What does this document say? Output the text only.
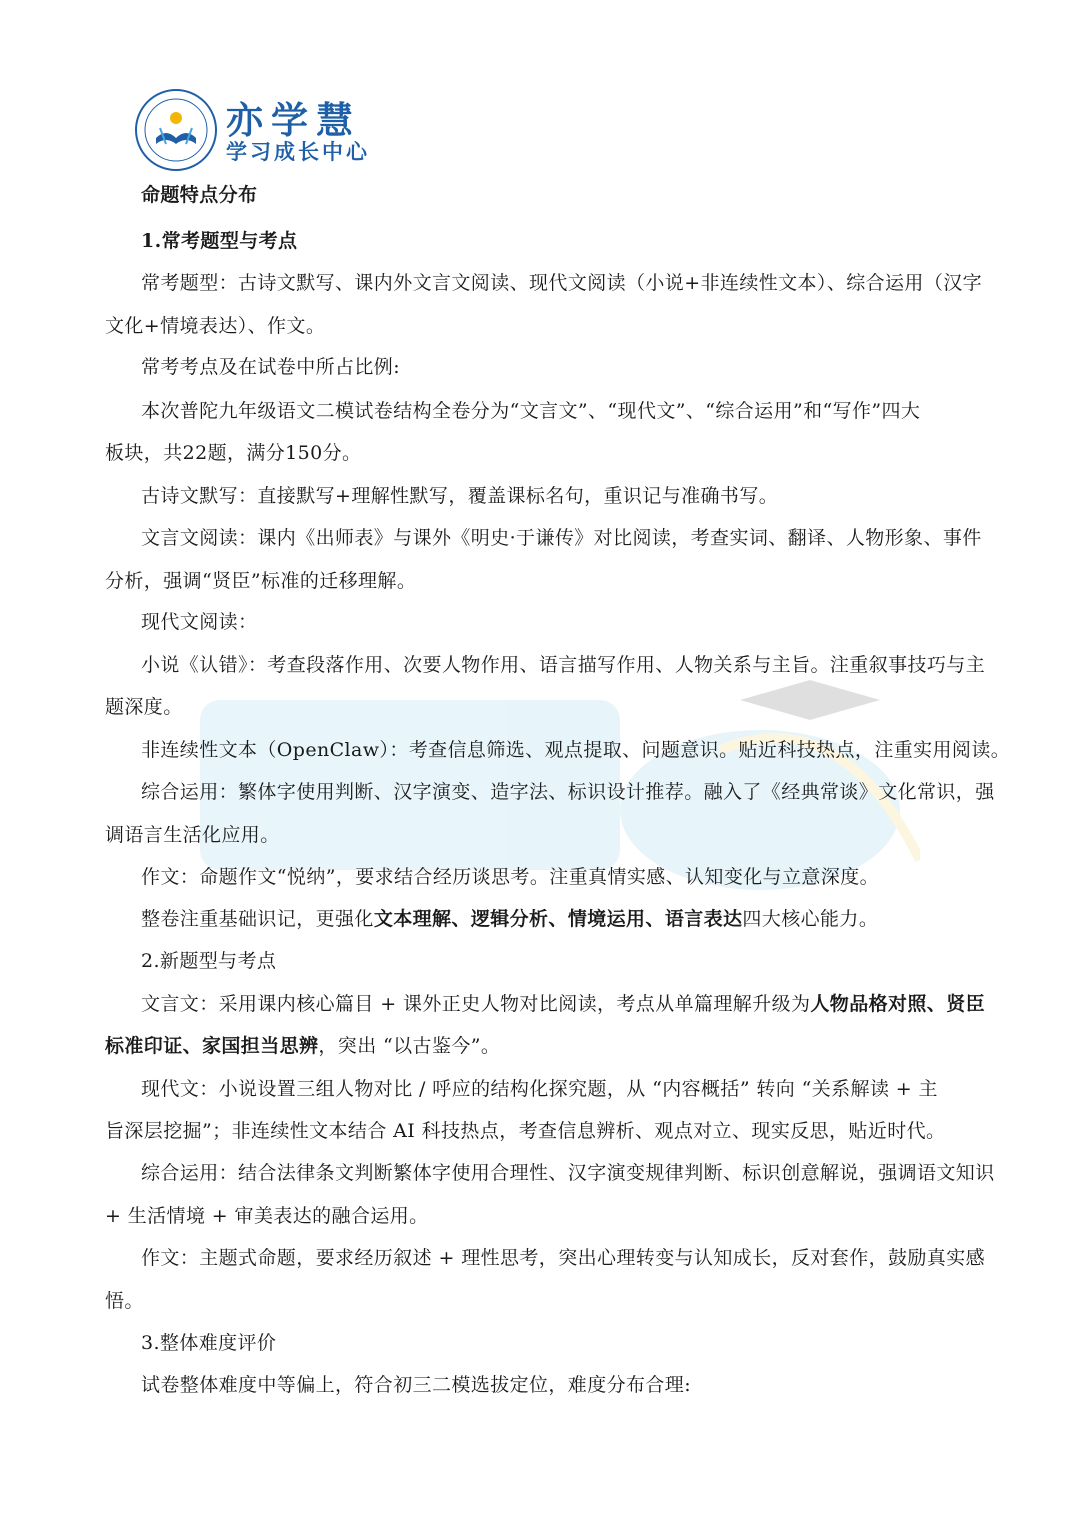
亦学慧
学习成长中心
命题特点分布
1.常考题型与考点
常考题型：古诗文默写、课内外文言文阅读、现代文阅读（小说+非连续性文本）、综合运用（汉字
文化+情境表达）、作文。
常考考点及在试卷中所占比例:
本次普陀九年级语文二模试卷结构全卷分为“文言文”、“现代文”、“综合运用”和“写作”四大
板块，共22题，满分150分。
古诗文默写：直接默写+理解性默写，覆盖课标名句，重识记与准确书写。
文言文阅读：课内《出师表》与课外《明史·于谦传》对比阅读，考查实词、翻译、人物形象、事件
分析，强调“贤臣”标准的迁移理解。
现代文阅读：
小说《认错》：考查段落作用、次要人物作用、语言描写作用、人物关系与主旨。注重叙事技巧与主
题深度。
非连续性文本（OpenClaw）：考查信息筛选、观点提取、问题意识。贴近科技热点，注重实用阅读。
综合运用：繁体字使用判断、汉字演变、造字法、标识设计推荐。融入了《经典常谈》文化常识，强
调语言生活化应用。
作文：命题作文“悦纳”，要求结合经历谈思考。注重真情实感、认知变化与立意深度。
整卷注重基础识记，更强化文本理解、逻辑分析、情境运用、语言表达四大核心能力。
2.新题型与考点
文言文：采用课内核心篇目 + 课外正史人物对比阅读，考点从单篇理解升级为人物品格对照、贤臣
标准印证、家国担当思辨，突出 “以古鉴今”。
现代文：小说设置三组人物对比 / 呼应的结构化探究题，从 “内容概括” 转向 “关系解读 + 主
旨深层挖掘”；非连续性文本结合 AI 科技热点，考查信息辨析、观点对立、现实反思，贴近时代。
综合运用：结合法律条文判断繁体字使用合理性、汉字演变规律判断、标识创意解说，强调语文知识
+ 生活情境 + 审美表达的融合运用。
作文：主题式命题，要求经历叙述 + 理性思考，突出心理转变与认知成长，反对套作，鼓励真实感
悟。
3.整体难度评价
试卷整体难度中等偏上，符合初三二模选拔定位，难度分布合理:
